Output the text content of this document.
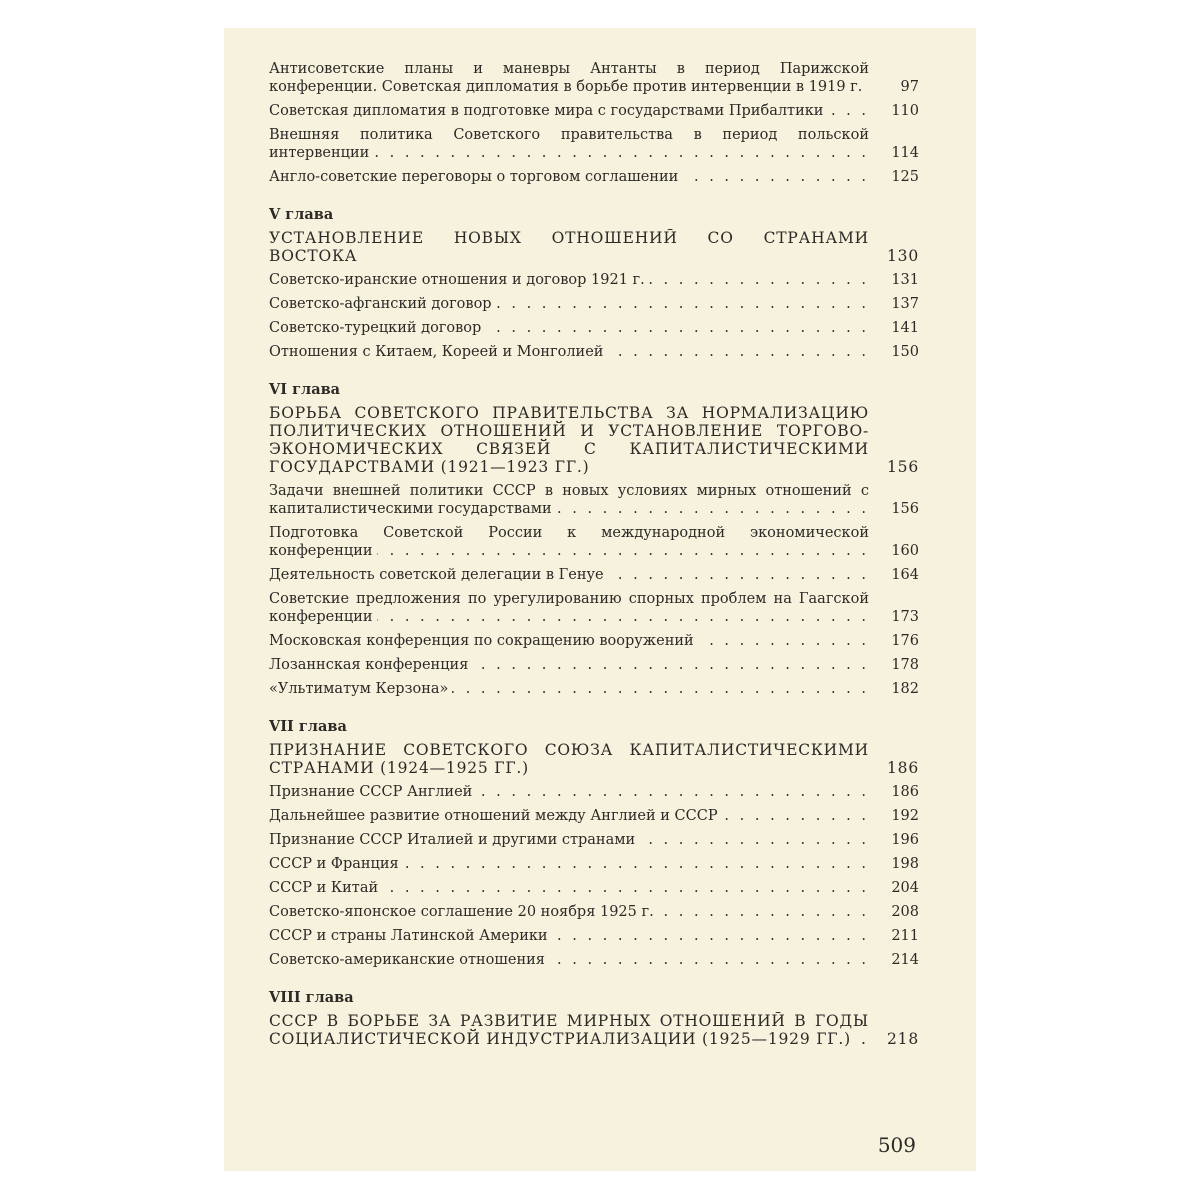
Антисоветские планы и маневры Антанты в период Парижской конференции. Советская дипломатия в борьбе против интервенции в 1919 г. . . .	97
Советская дипломатия в подготовке мира с государствами Прибалтики . . .	110
Внешняя политика Советского правительства в период польской интервенции . . .	114
Англо-советские переговоры о торговом соглашении . . .	125
V глава
УСТАНОВЛЕНИЕ НОВЫХ ОТНОШЕНИЙ СО СТРАНАМИ ВОСТОКА	130
Советско-иранские отношения и договор 1921 г. . . .	131
Советско-афганский договор . . .	137
Советско-турецкий договор . . .	141
Отношения с Китаем, Кореей и Монголией . . .	150
VI глава
БОРЬБА СОВЕТСКОГО ПРАВИТЕЛЬСТВА ЗА НОРМАЛИЗАЦИЮ ПОЛИТИЧЕСКИХ ОТНОШЕНИЙ И УСТАНОВЛЕНИЕ ТОРГОВО-ЭКОНОМИЧЕСКИХ СВЯЗЕЙ С КАПИТАЛИСТИЧЕСКИМИ ГОСУДАРСТВАМИ (1921—1923 ГГ.)	156
Задачи внешней политики СССР в новых условиях мирных отношений с капиталистическими государствами . . .	156
Подготовка Советской России к международной экономической конференции . . .	160
Деятельность советской делегации в Генуе . . .	164
Советские предложения по урегулированию спорных проблем на Гаагской конференции . . .	173
Московская конференция по сокращению вооружений . . .	176
Лозаннская конференция . . .	178
«Ультиматум Керзона» . . .	182
VII глава
ПРИЗНАНИЕ СОВЕТСКОГО СОЮЗА КАПИТАЛИСТИЧЕСКИМИ СТРАНАМИ (1924—1925 ГГ.)	186
Признание СССР Англией . . .	186
Дальнейшее развитие отношений между Англией и СССР . . .	192
Признание СССР Италией и другими странами . . .	196
СССР и Франция . . .	198
СССР и Китай . . .	204
Советско-японское соглашение 20 ноября 1925 г. . . .	208
СССР и страны Латинской Америки . . .	211
Советско-американские отношения . . .	214
VIII глава
СССР В БОРЬБЕ ЗА РАЗВИТИЕ МИРНЫХ ОТНОШЕНИЙ В ГОДЫ СОЦИАЛИСТИЧЕСКОЙ ИНДУСТРИАЛИЗАЦИИ (1925—1929 ГГ.) . . .	218
509
